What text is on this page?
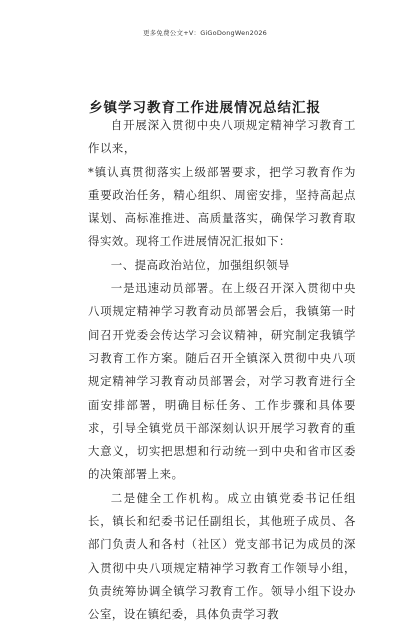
更多免费公文+V：GiGoDongWen2026
乡镇学习教育工作进展情况总结汇报

自开展深入贯彻中央八项规定精神学习教育工作以来，

*镇认真贯彻落实上级部署要求，把学习教育作为重要政治任务，精心组织、周密安排，坚持高起点谋划、高标准推进、高质量落实，确保学习教育取得实效。现将工作进展情况汇报如下：

一、提高政治站位，加强组织领导

一是迅速动员部署。在上级召开深入贯彻中央八项规定精神学习教育动员部署会后，我镇第一时间召开党委会传达学习会议精神，研究制定我镇学习教育工作方案。随后召开全镇深入贯彻中央八项规定精神学习教育动员部署会，对学习教育进行全面安排部署，明确目标任务、工作步骤和具体要求，引导全镇党员干部深刻认识开展学习教育的重大意义，切实把思想和行动统一到中央和省市区委的决策部署上来。

二是健全工作机构。成立由镇党委书记任组长，镇长和纪委书记任副组长，其他班子成员、各部门负责人和各村（社区）党支部书记为成员的深入贯彻中央八项规定精神学习教育工作领导小组，负责统筹协调全镇学习教育工作。领导小组下设办公室，设在镇纪委，具体负责学习教
